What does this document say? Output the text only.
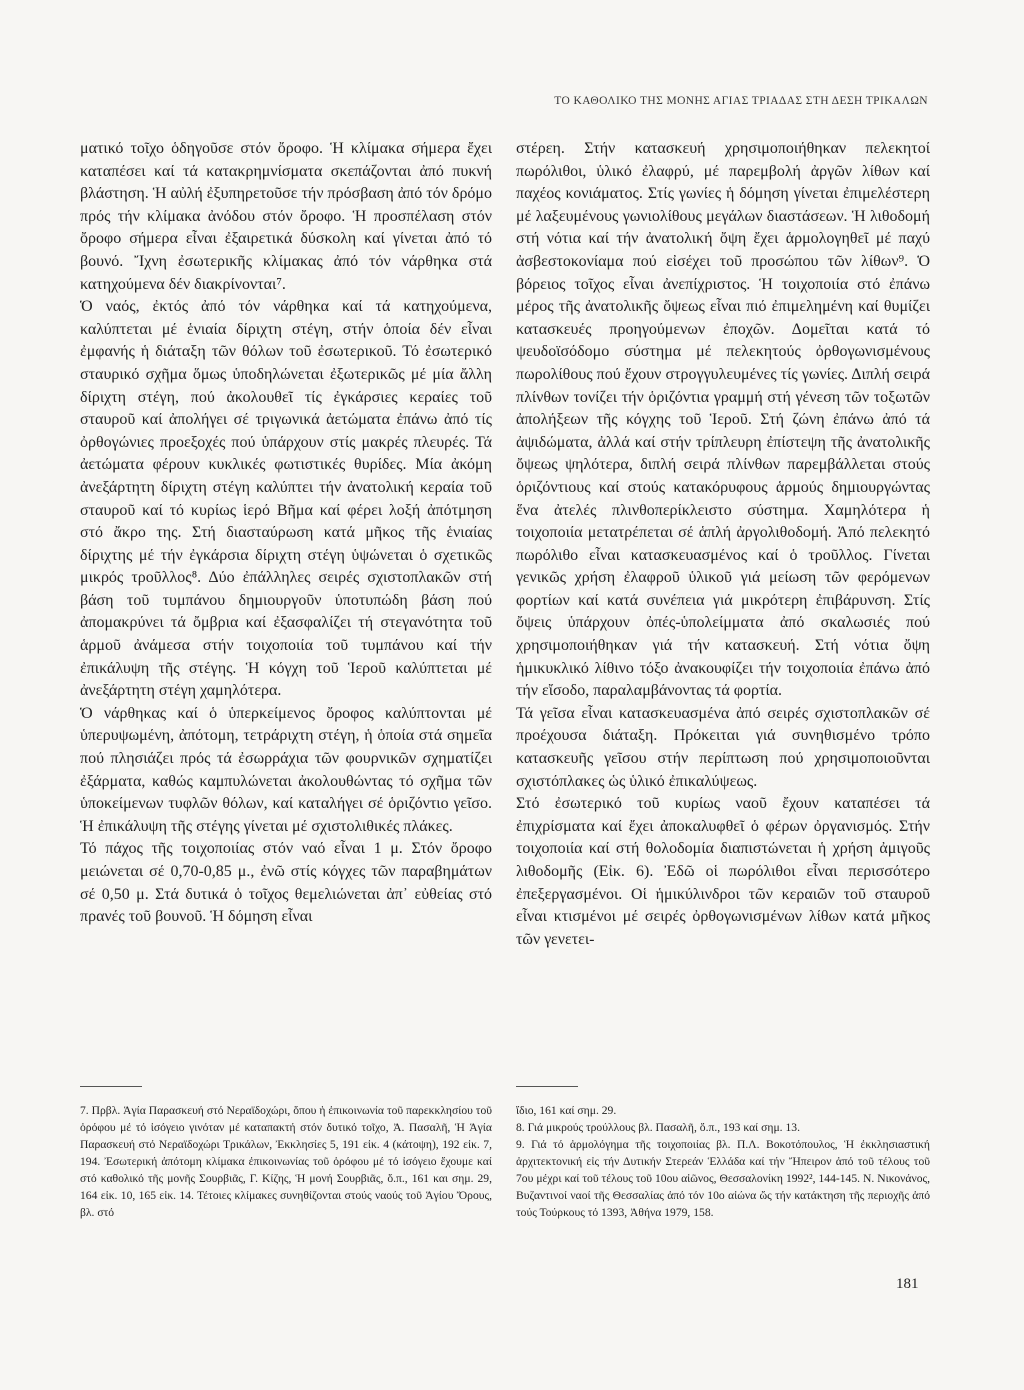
ΤΟ ΚΑΘΟΛΙΚΟ ΤΗΣ ΜΟΝΗΣ ΑΓΙΑΣ ΤΡΙΑΔΑΣ ΣΤΗ ΔΕΣΗ ΤΡΙΚΑΛΩΝ
ματικό τοῖχο ὁδηγοῦσε στόν ὄροφο. Ἡ κλίμακα σήμερα ἔχει καταπέσει καί τά κατακρημνίσματα σκεπάζονται ἀπό πυκνή βλάστηση. Ἡ αὐλή ἐξυπηρετοῦσε τήν πρόσβαση ἀπό τόν δρόμο πρός τήν κλίμακα ἀνόδου στόν ὄροφο. Ἡ προσπέλαση στόν ὄροφο σήμερα εἶναι ἐξαιρετικά δύσκολη καί γίνεται ἀπό τό βουνό. Ἴχνη ἐσωτερικῆς κλίμακας ἀπό τόν νάρθηκα στά κατηχούμενα δέν διακρίνονται⁷.
Ὁ ναός, ἐκτός ἀπό τόν νάρθηκα καί τά κατηχούμενα, καλύπτεται μέ ἑνιαία δίριχτη στέγη, στήν ὁποία δέν εἶναι ἐμφανής ἡ διάταξη τῶν θόλων τοῦ ἐσωτερικοῦ. Τό ἐσωτερικό σταυρικό σχῆμα ὅμως ὑποδηλώνεται ἐξωτερικῶς μέ μία ἄλλη δίριχτη στέγη, πού ἀκολουθεῖ τίς ἐγκάρσιες κεραίες τοῦ σταυροῦ καί ἀπολήγει σέ τριγωνικά ἀετώματα ἐπάνω ἀπό τίς ὀρθογώνιες προεξοχές πού ὑπάρχουν στίς μακρές πλευρές. Τά ἀετώματα φέρουν κυκλικές φωτιστικές θυρίδες. Μία ἀκόμη ἀνεξάρτητη δίριχτη στέγη καλύπτει τήν ἀνατολική κεραία τοῦ σταυροῦ καί τό κυρίως ἱερό Βῆμα καί φέρει λοξή ἀπότμηση στό ἄκρο της. Στή διασταύρωση κατά μῆκος τῆς ἑνιαίας δίριχτης μέ τήν ἐγκάρσια δίριχτη στέγη ὑψώνεται ὁ σχετικῶς μικρός τροῦλλος⁸. Δύο ἐπάλληλες σειρές σχιστοπλακῶν στή βάση τοῦ τυμπάνου δημιουργοῦν ὑποτυπώδη βάση πού ἀπομακρύνει τά ὄμβρια καί ἐξασφαλίζει τή στεγανότητα τοῦ ἁρμοῦ ἀνάμεσα στήν τοιχοποιία τοῦ τυμπάνου καί τήν ἐπικάλυψη τῆς στέγης. Ἡ κόγχη τοῦ Ἱεροῦ καλύπτεται μέ ἀνεξάρτητη στέγη χαμηλότερα.
Ὁ νάρθηκας καί ὁ ὑπερκείμενος ὄροφος καλύπτονται μέ ὑπερυψωμένη, ἀπότομη, τετράριχτη στέγη, ἡ ὁποία στά σημεῖα πού πλησιάζει πρός τά ἐσωρράχια τῶν φουρνικῶν σχηματίζει ἐξάρματα, καθώς καμπυλώνεται ἀκολουθώντας τό σχῆμα τῶν ὑποκείμενων τυφλῶν θόλων, καί καταλήγει σέ ὁριζόντιο γεῖσο. Ἡ ἐπικάλυψη τῆς στέγης γίνεται μέ σχιστολιθικές πλάκες.
Τό πάχος τῆς τοιχοποιίας στόν ναό εἶναι 1 μ. Στόν ὄροφο μειώνεται σέ 0,70-0,85 μ., ἐνῶ στίς κόγχες τῶν παραβημάτων σέ 0,50 μ. Στά δυτικά ὁ τοῖχος θεμελιώνεται ἀπ᾿ εὐθείας στό πρανές τοῦ βουνοῦ. Ἡ δόμηση εἶναι
στέρεη. Στήν κατασκευή χρησιμοποιήθηκαν πελεκητοί πωρόλιθοι, ὑλικό ἐλαφρύ, μέ παρεμβολή ἀργῶν λίθων καί παχέος κονιάματος. Στίς γωνίες ἡ δόμηση γίνεται ἐπιμελέστερη μέ λαξευμένους γωνιολίθους μεγάλων διαστάσεων. Ἡ λιθοδομή στή νότια καί τήν ἀνατολική ὄψη ἔχει ἁρμολογηθεῖ μέ παχύ ἀσβεστοκονίαμα πού εἰσέχει τοῦ προσώπου τῶν λίθων⁹. Ὁ βόρειος τοῖχος εἶναι ἀνεπίχριστος. Ἡ τοιχοποιία στό ἐπάνω μέρος τῆς ἀνατολικῆς ὄψεως εἶναι πιό ἐπιμελημένη καί θυμίζει κατασκευές προηγούμενων ἐποχῶν. Δομεῖται κατά τό ψευδοϊσόδομο σύστημα μέ πελεκητούς ὀρθογωνισμένους πωρολίθους πού ἔχουν στρογγυλευμένες τίς γωνίες. Διπλή σειρά πλίνθων τονίζει τήν ὁριζόντια γραμμή στή γένεση τῶν τοξωτῶν ἀπολήξεων τῆς κόγχης τοῦ Ἱεροῦ. Στή ζώνη ἐπάνω ἀπό τά ἀψιδώματα, ἀλλά καί στήν τρίπλευρη ἐπίστεψη τῆς ἀνατολικῆς ὄψεως ψηλότερα, διπλή σειρά πλίνθων παρεμβάλλεται στούς ὁριζόντιους καί στούς κατακόρυφους ἁρμούς δημιουργώντας ἕνα ἀτελές πλινθοπερίκλειστο σύστημα. Χαμηλότερα ἡ τοιχοποιία μετατρέπεται σέ ἁπλή ἀργολιθοδομή. Ἀπό πελεκητό πωρόλιθο εἶναι κατασκευασμένος καί ὁ τροῦλλος. Γίνεται γενικῶς χρήση ἐλαφροῦ ὑλικοῦ γιά μείωση τῶν φερόμενων φορτίων καί κατά συνέπεια γιά μικρότερη ἐπιβάρυνση. Στίς ὄψεις ὑπάρχουν ὀπές-ὑπολείμματα ἀπό σκαλωσιές πού χρησιμοποιήθηκαν γιά τήν κατασκευή. Στή νότια ὄψη ἡμικυκλικό λίθινο τόξο ἀνακουφίζει τήν τοιχοποιία ἐπάνω ἀπό τήν εἴσοδο, παραλαμβάνοντας τά φορτία.
Τά γεῖσα εἶναι κατασκευασμένα ἀπό σειρές σχιστοπλακῶν σέ προέχουσα διάταξη. Πρόκειται γιά συνηθισμένο τρόπο κατασκευῆς γεῖσου στήν περίπτωση πού χρησιμοποιοῦνται σχιστόπλακες ὡς ὑλικό ἐπικαλύψεως.
Στό ἐσωτερικό τοῦ κυρίως ναοῦ ἔχουν καταπέσει τά ἐπιχρίσματα καί ἔχει ἀποκαλυφθεῖ ὁ φέρων ὀργανισμός. Στήν τοιχοποιία καί στή θολοδομία διαπιστώνεται ἡ χρήση ἀμιγοῦς λιθοδομῆς (Εἰκ. 6). Ἐδῶ οἱ πωρόλιθοι εἶναι περισσότερο ἐπεξεργασμένοι. Οἱ ἡμικύλινδροι τῶν κεραιῶν τοῦ σταυροῦ εἶναι κτισμένοι μέ σειρές ὀρθογωνισμένων λίθων κατά μῆκος τῶν γενετει-
7. Πρβλ. Ἁγία Παρασκευή στό Νεραϊδοχώρι, ὅπου ἡ ἐπικοινωνία τοῦ παρεκκλησίου τοῦ ὀρόφου μέ τό ἰσόγειο γινόταν μέ καταπακτή στόν δυτικό τοῖχο, Ἀ. Πασαλῆ, Ἡ Ἁγία Παρασκευή στό Νεραϊδοχώρι Τρικάλων, Ἐκκλησίες 5, 191 εἰκ. 4 (κάτοψη), 192 εἰκ. 7, 194. Ἐσωτερική ἀπότομη κλίμακα ἐπικοινωνίας τοῦ ὀρόφου μέ τό ἰσόγειο ἔχουμε καί στό καθολικό τῆς μονῆς Σουρβιᾶς, Γ. Κίζης, Ἡ μονή Σουρβιᾶς, ὅ.π., 161 και σημ. 29, 164 εἰκ. 10, 165 εἰκ. 14. Τέτοιες κλίμακες συνηθίζονται στούς ναούς τοῦ Ἁγίου Ὄρους, βλ. στό
ἴδιο, 161 καί σημ. 29.
8. Γιά μικρούς τρούλλους βλ. Πασαλῆ, ὅ.π., 193 καί σημ. 13.
9. Γιά τό ἁρμολόγημα τῆς τοιχοποιίας βλ. Π.Λ. Βοκοτόπουλος, Ἡ ἐκκλησιαστική ἀρχιτεκτονική εἰς τήν Δυτικήν Στερεάν Ἑλλάδα καί τήν Ἤπειρον ἀπό τοῦ τέλους τοῦ 7ου μέχρι καί τοῦ τέλους τοῦ 10ου αἰῶνος, Θεσσαλονίκη 1992², 144-145. Ν. Νικονάνος, Βυζαντινοί ναοί τῆς Θεσσαλίας ἀπό τόν 10ο αἰώνα ὥς τήν κατάκτηση τῆς περιοχῆς ἀπό τούς Τούρκους τό 1393, Ἀθήνα 1979, 158.
181
